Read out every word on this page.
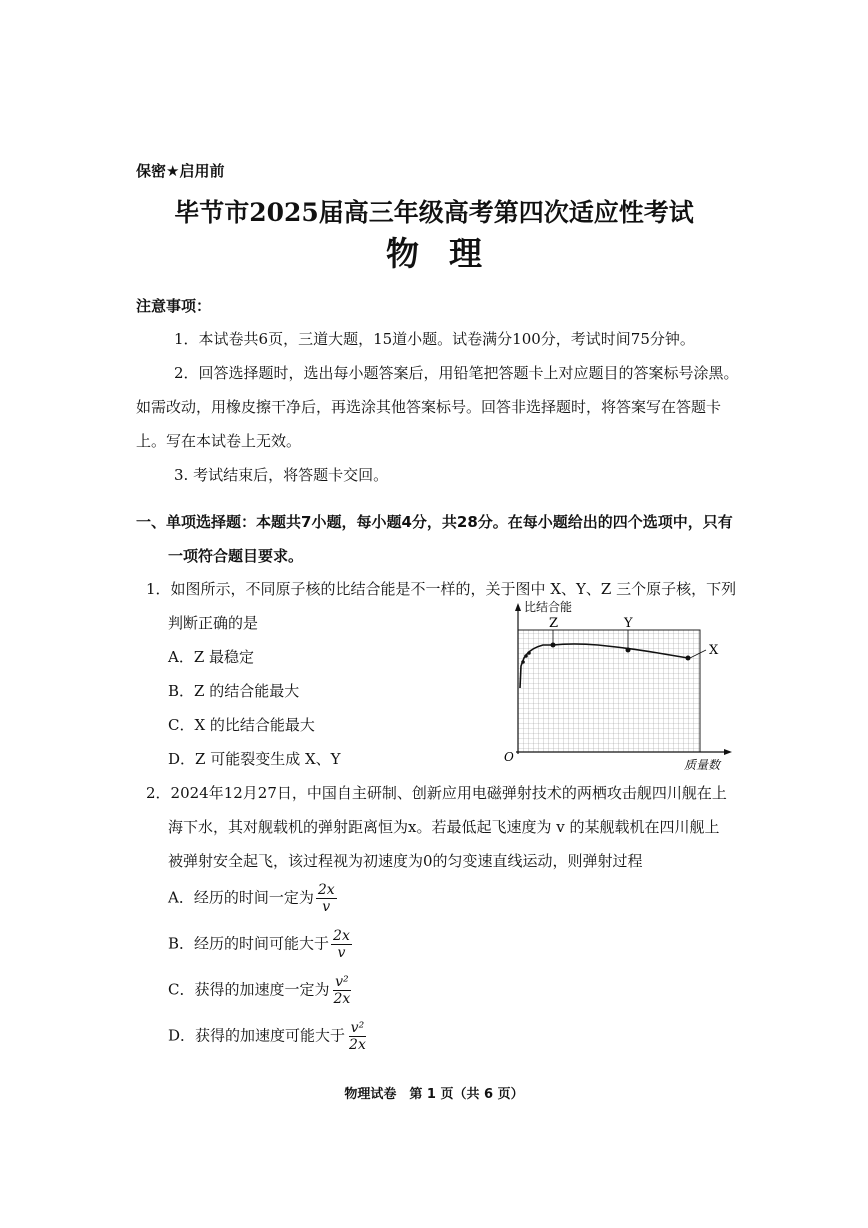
保密★启用前
毕节市2025届高三年级高考第四次适应性考试
物理
注意事项：
1．本试卷共6页，三道大题，15道小题。试卷满分100分，考试时间75分钟。
2．回答选择题时，选出每小题答案后，用铅笔把答题卡上对应题目的答案标号涂黑。
如需改动，用橡皮擦干净后，再选涂其他答案标号。回答非选择题时，将答案写在答题卡
上。写在本试卷上无效。
3. 考试结束后，将答题卡交回。
一、单项选择题：本题共7小题，每小题4分，共28分。在每小题给出的四个选项中，只有
一项符合题目要求。
1．如图所示，不同原子核的比结合能是不一样的，关于图中 X、Y、Z 三个原子核，下列
判断正确的是
A．Z 最稳定
B．Z 的结合能最大
C．X 的比结合能最大
D．Z 可能裂变生成 X、Y
比结合能
质量数
O
Z	Y
X
2．2024年12月27日，中国自主研制、创新应用电磁弹射技术的两栖攻击舰四川舰在上
海下水，其对舰载机的弹射距离恒为x。若最低起飞速度为 v 的某舰载机在四川舰上
被弹射安全起飞，该过程视为初速度为0的匀变速直线运动，则弹射过程
A．经历的时间一定为 $\frac{2x}{v}$
B．经历的时间可能大于 $\frac{2x}{v}$
C．获得的加速度一定为 $\frac{\text{v²}}{2x}$
D．获得的加速度可能大于 $\frac{\text{v²}}{2x}$
物理试卷　第 1 页（共 6 页）
